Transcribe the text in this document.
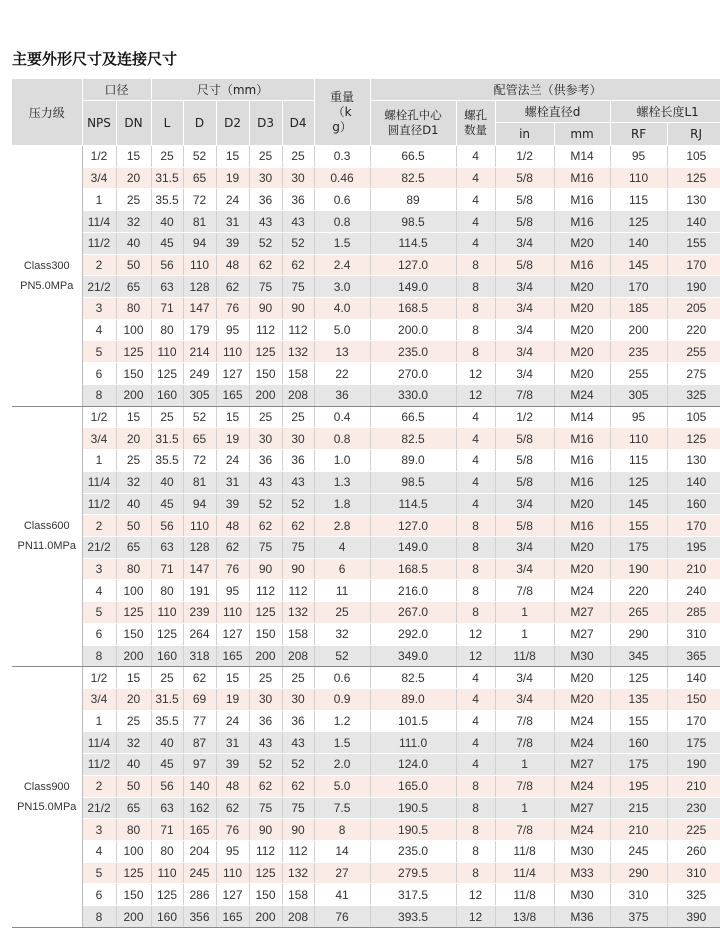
主要外形尺寸及连接尺寸
压力级	口径		尺寸（mm）					重量（kg）	配管法兰（供参考）					
	NPS	DN	L	D	D2	D3	D4		螺栓孔中心圆直径D1	螺孔数量	螺栓直径d		螺栓长度L1	
											in	mm	RF	RJ

Class300
PN5.0MPa	1/2	15	25	52	15	25	25	0.3	66.5	4	1/2	M14	95	105
	3/4	20	31.5	65	19	30	30	0.46	82.5	4	5/8	M16	110	125
	1	25	35.5	72	24	36	36	0.6	89	4	5/8	M16	115	130
	11/4	32	40	81	31	43	43	0.8	98.5	4	5/8	M16	125	140
	11/2	40	45	94	39	52	52	1.5	114.5	4	3/4	M20	140	155
	2	50	56	110	48	62	62	2.4	127.0	8	5/8	M16	145	170
	21/2	65	63	128	62	75	75	3.0	149.0	8	3/4	M20	170	190
	3	80	71	147	76	90	90	4.0	168.5	8	3/4	M20	185	205
	4	100	80	179	95	112	112	5.0	200.0	8	3/4	M20	200	220
	5	125	110	214	110	125	132	13	235.0	8	3/4	M20	235	255
	6	150	125	249	127	150	158	22	270.0	12	3/4	M20	255	275
	8	200	160	305	165	200	208	36	330.0	12	7/8	M24	305	325

Class600
PN11.0MPa	1/2	15	25	52	15	25	25	0.4	66.5	4	1/2	M14	95	105
	3/4	20	31.5	65	19	30	30	0.8	82.5	4	5/8	M16	110	125
	1	25	35.5	72	24	36	36	1.0	89.0	4	5/8	M16	115	130
	11/4	32	40	81	31	43	43	1.3	98.5	4	5/8	M16	125	140
	11/2	40	45	94	39	52	52	1.8	114.5	4	3/4	M20	145	160
	2	50	56	110	48	62	62	2.8	127.0	8	5/8	M16	155	170
	21/2	65	63	128	62	75	75	4	149.0	8	3/4	M20	175	195
	3	80	71	147	76	90	90	6	168.5	8	3/4	M20	190	210
	4	100	80	191	95	112	112	11	216.0	8	7/8	M24	220	240
	5	125	110	239	110	125	132	25	267.0	8	1	M27	265	285
	6	150	125	264	127	150	158	32	292.0	12	1	M27	290	310
	8	200	160	318	165	200	208	52	349.0	12	11/8	M30	345	365

Class900
PN15.0MPa	1/2	15	25	62	15	25	25	0.6	82.5	4	3/4	M20	125	140
	3/4	20	31.5	69	19	30	30	0.9	89.0	4	3/4	M20	135	150
	1	25	35.5	77	24	36	36	1.2	101.5	4	7/8	M24	155	170
	11/4	32	40	87	31	43	43	1.5	111.0	4	7/8	M24	160	175
	11/2	40	45	97	39	52	52	2.0	124.0	4	1	M27	175	190
	2	50	56	140	48	62	62	5.0	165.0	8	7/8	M24	195	210
	21/2	65	63	162	62	75	75	7.5	190.5	8	1	M27	215	230
	3	80	71	165	76	90	90	8	190.5	8	7/8	M24	210	225
	4	100	80	204	95	112	112	14	235.0	8	11/8	M30	245	260
	5	125	110	245	110	125	132	27	279.5	8	11/4	M33	290	310
	6	150	125	286	127	150	158	41	317.5	12	11/8	M30	310	325
	8	200	160	356	165	200	208	76	393.5	12	13/8	M36	375	390
